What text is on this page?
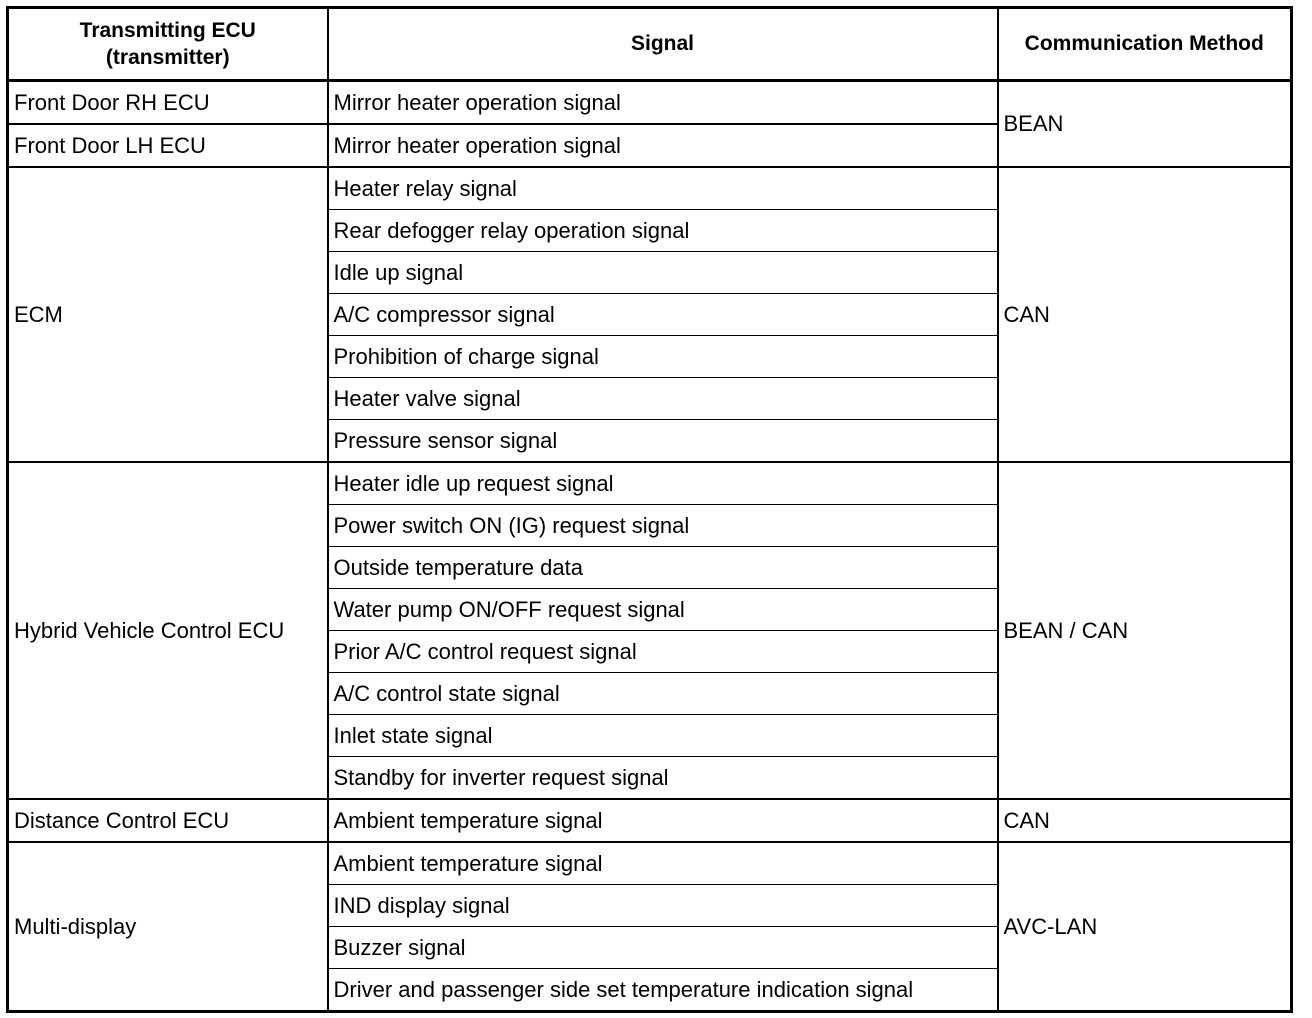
Transmitting ECU
(transmitter)	Signal	Communication Method
Front Door RH ECU	Mirror heater operation signal	BEAN
Front Door LH ECU	Mirror heater operation signal	
ECM	Heater relay signal	CAN
	Rear defogger relay operation signal	
	Idle up signal	
	A/C compressor signal	
	Prohibition of charge signal	
	Heater valve signal	
	Pressure sensor signal	
Hybrid Vehicle Control ECU	Heater idle up request signal	BEAN / CAN
	Power switch ON (IG) request signal	
	Outside temperature data	
	Water pump ON/OFF request signal	
	Prior A/C control request signal	
	A/C control state signal	
	Inlet state signal	
	Standby for inverter request signal	
Distance Control ECU	Ambient temperature signal	CAN
Multi-display	Ambient temperature signal	AVC-LAN
	IND display signal	
	Buzzer signal	
	Driver and passenger side set temperature indication signal	
